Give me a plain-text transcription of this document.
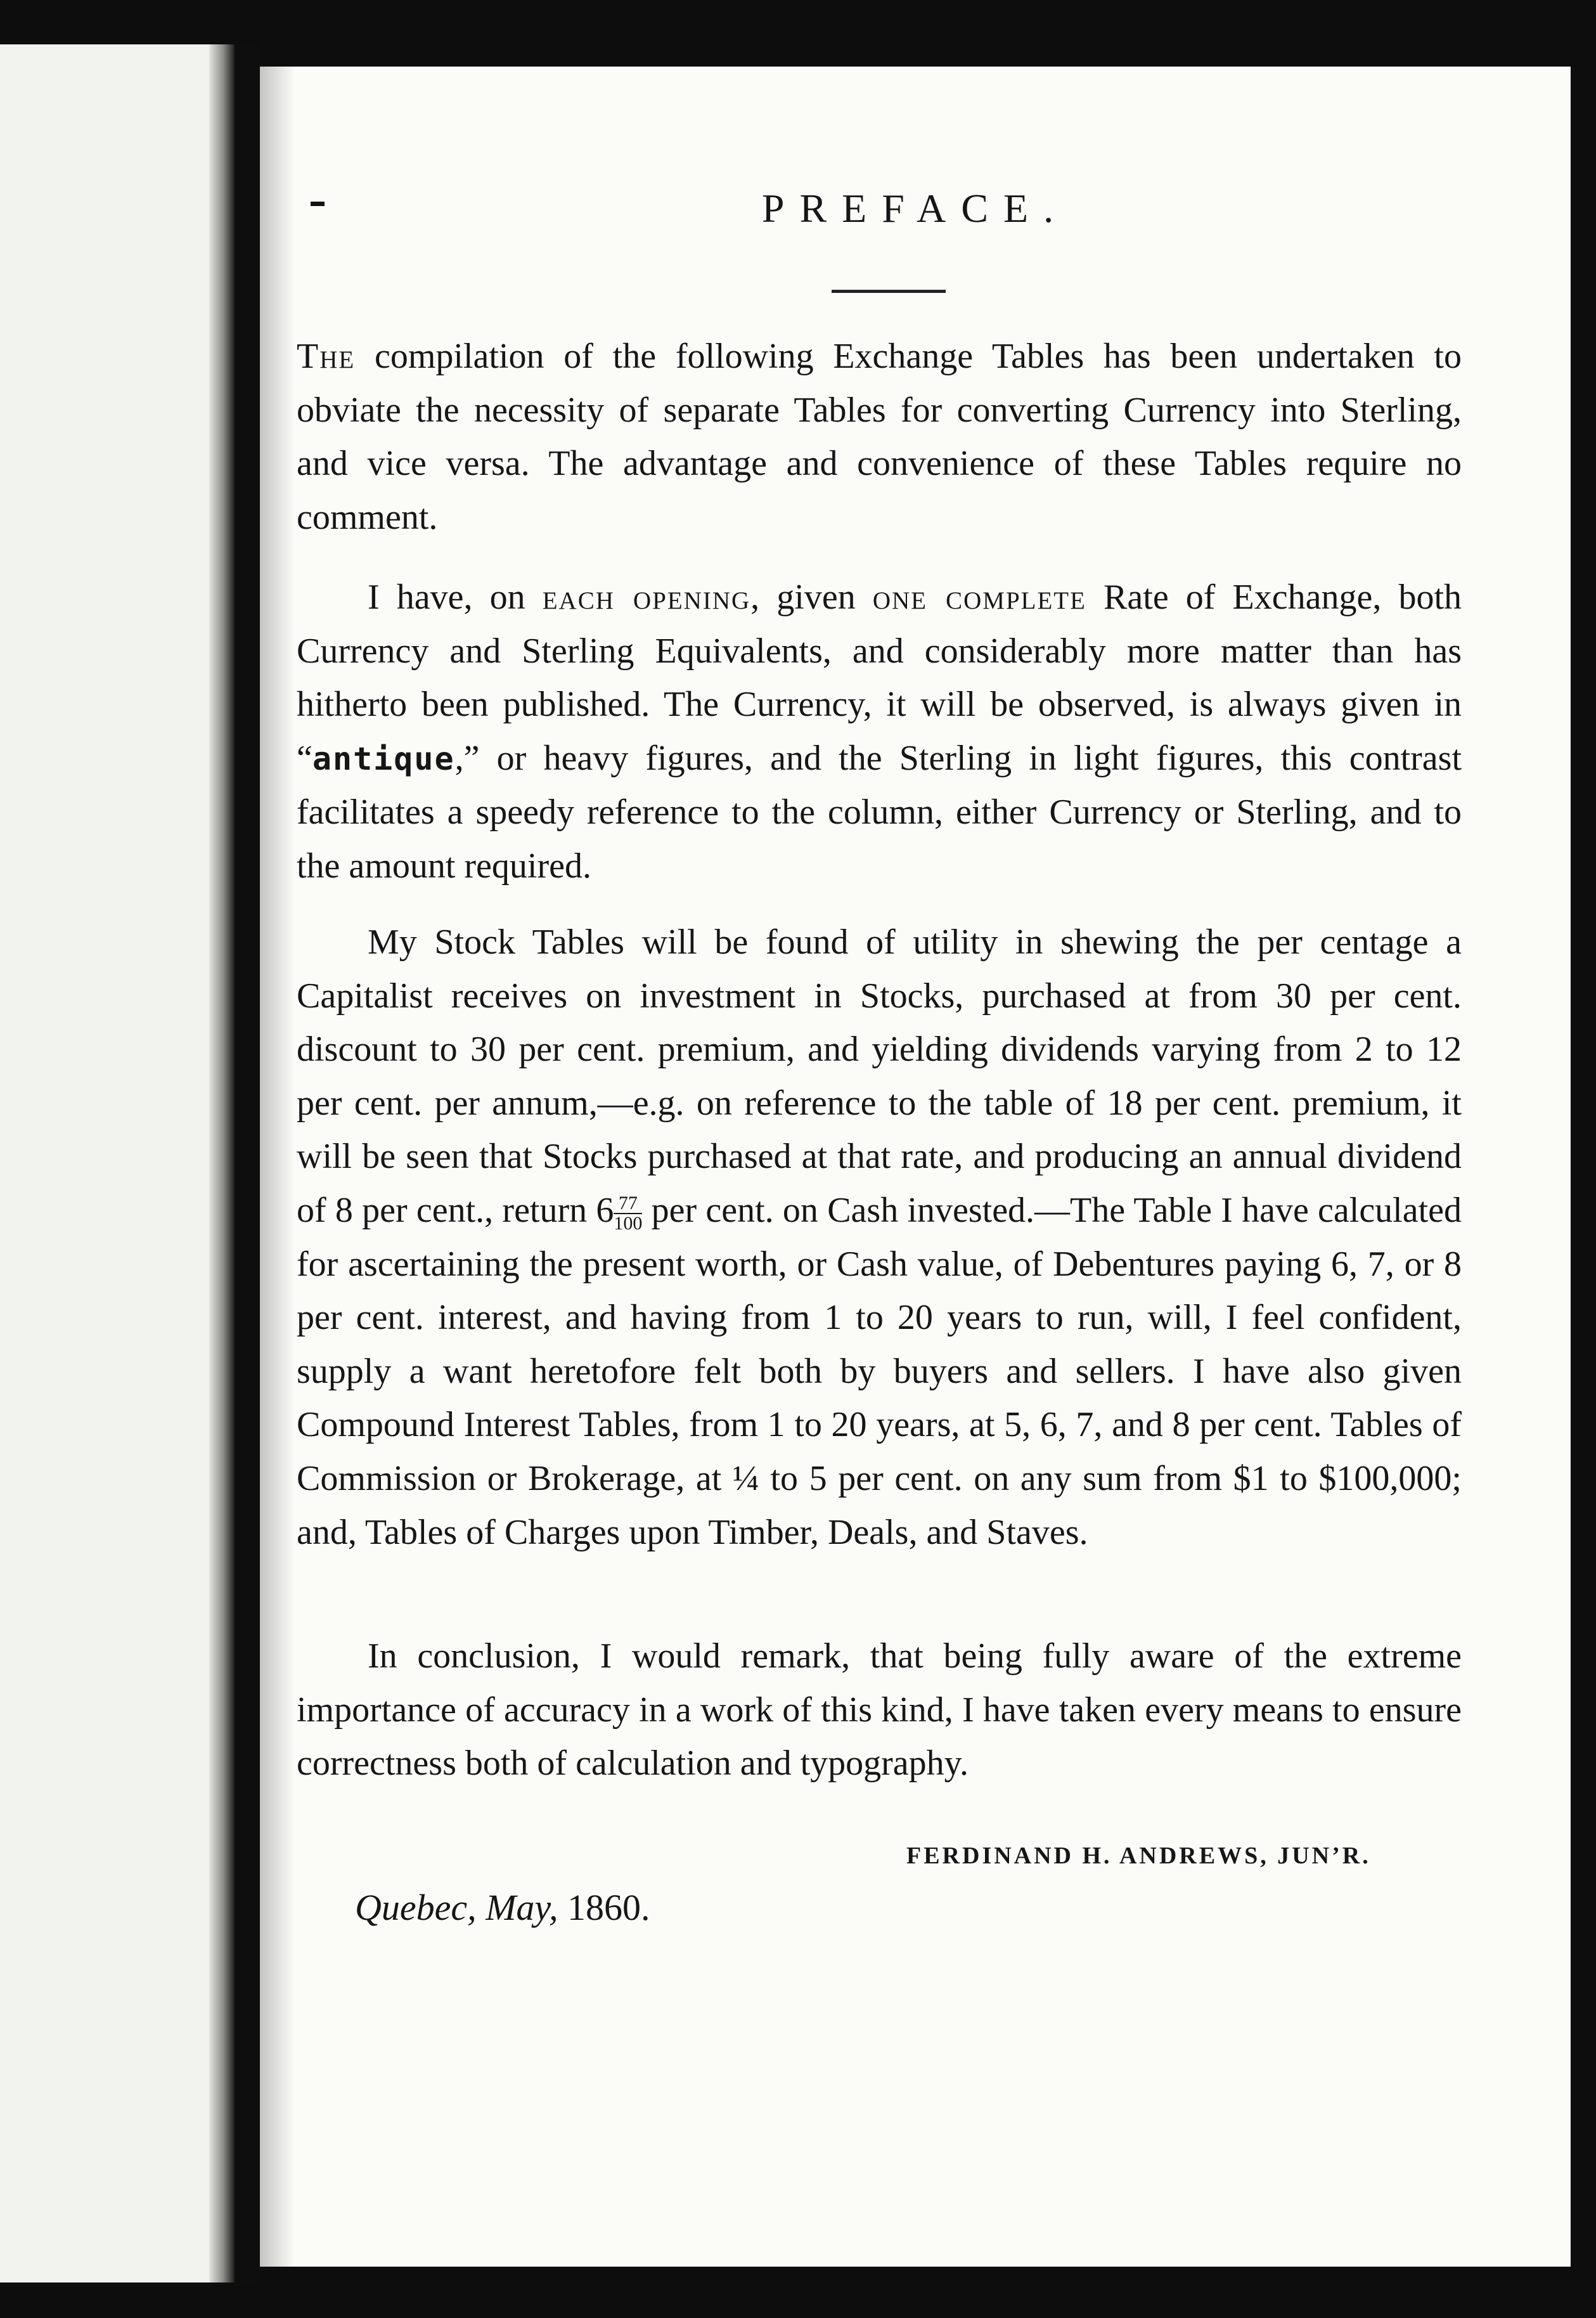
PREFACE.
The compilation of the following Exchange Tables has been undertaken to obviate the necessity of separate Tables for converting Currency into Sterling, and vice versa. The advantage and convenience of these Tables require no comment.
I have, on each opening, given one complete Rate of Exchange, both Currency and Sterling Equivalents, and considerably more matter than has hitherto been published. The Currency, it will be observed, is always given in “antique,” or heavy figures, and the Sterling in light figures, this contrast facilitates a speedy reference to the column, either Currency or Sterling, and to the amount required.
My Stock Tables will be found of utility in shewing the per centage a Capitalist receives on investment in Stocks, purchased at from 30 per cent. discount to 30 per cent. premium, and yielding dividends varying from 2 to 12 per cent. per annum,—e.g. on reference to the table of 18 per cent. premium, it will be seen that Stocks purchased at that rate, and producing an annual dividend of 8 per cent., return $6 \frac{77}{100}$ per cent. on Cash invested.—The Table I have calculated for ascertaining the present worth, or Cash value, of Debentures paying 6, 7, or 8 per cent. interest, and having from 1 to 20 years to run, will, I feel confident, supply a want heretofore felt both by buyers and sellers. I have also given Compound Interest Tables, from 1 to 20 years, at 5, 6, 7, and 8 per cent. Tables of Commission or Brokerage, at ¼ to 5 per cent. on any sum from $1 to $100,000; and, Tables of Charges upon Timber, Deals, and Staves.
In conclusion, I would remark, that being fully aware of the extreme importance of accuracy in a work of this kind, I have taken every means to ensure correctness both of calculation and typography.
FERDINAND H. ANDREWS, JUN’R.
Quebec, May, 1860.
